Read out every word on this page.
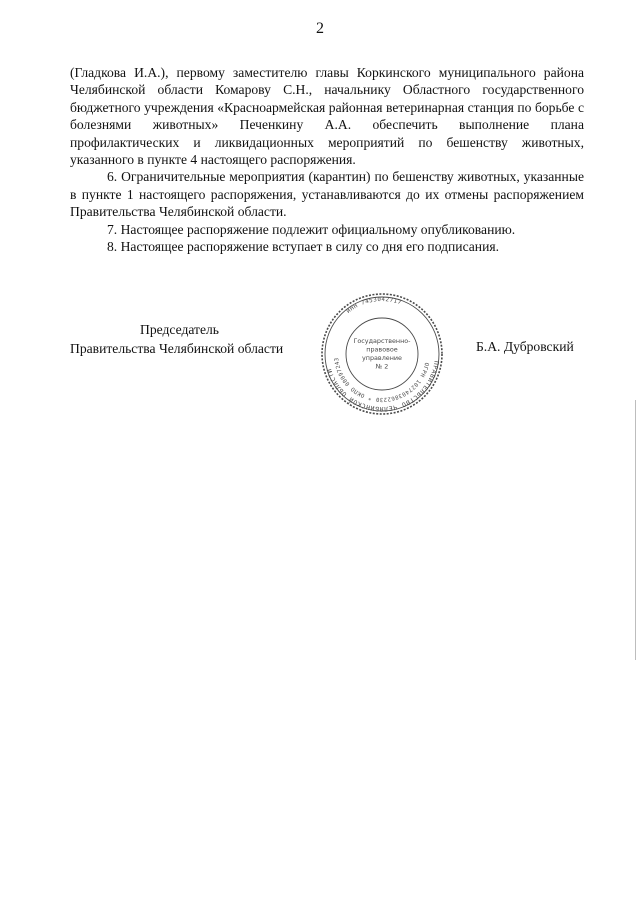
2

(Гладкова И.А.), первому заместителю главы Коркинского муниципального района Челябинской области Комарову С.Н., начальнику Областного государственного бюджетного учреждения «Красноармейская районная ветеринарная станция по борьбе с болезнями животных» Печенкину А.А. обеспечить выполнение плана профилактических и ликвидационных мероприятий по бешенству животных, указанного в пункте 4 настоящего распоряжения.

6. Ограничительные мероприятия (карантин) по бешенству животных, указанные в пункте 1 настоящего распоряжения, устанавливаются до их отмены распоряжением Правительства Челябинской области.

7. Настоящее распоряжение подлежит официальному опубликованию.

8. Настоящее распоряжение вступает в силу со дня его подписания.

Председатель
Правительства Челябинской области
ПРАВИТЕЛЬСТВО ЧЕЛЯБИНСКОЙ ОБЛАСТИ
ОГРН 1027403862230 * ОКПО 00097243
ИНН 7453042717
Государственно-
правовое
управление
№ 2
Б.А. Дубровский
